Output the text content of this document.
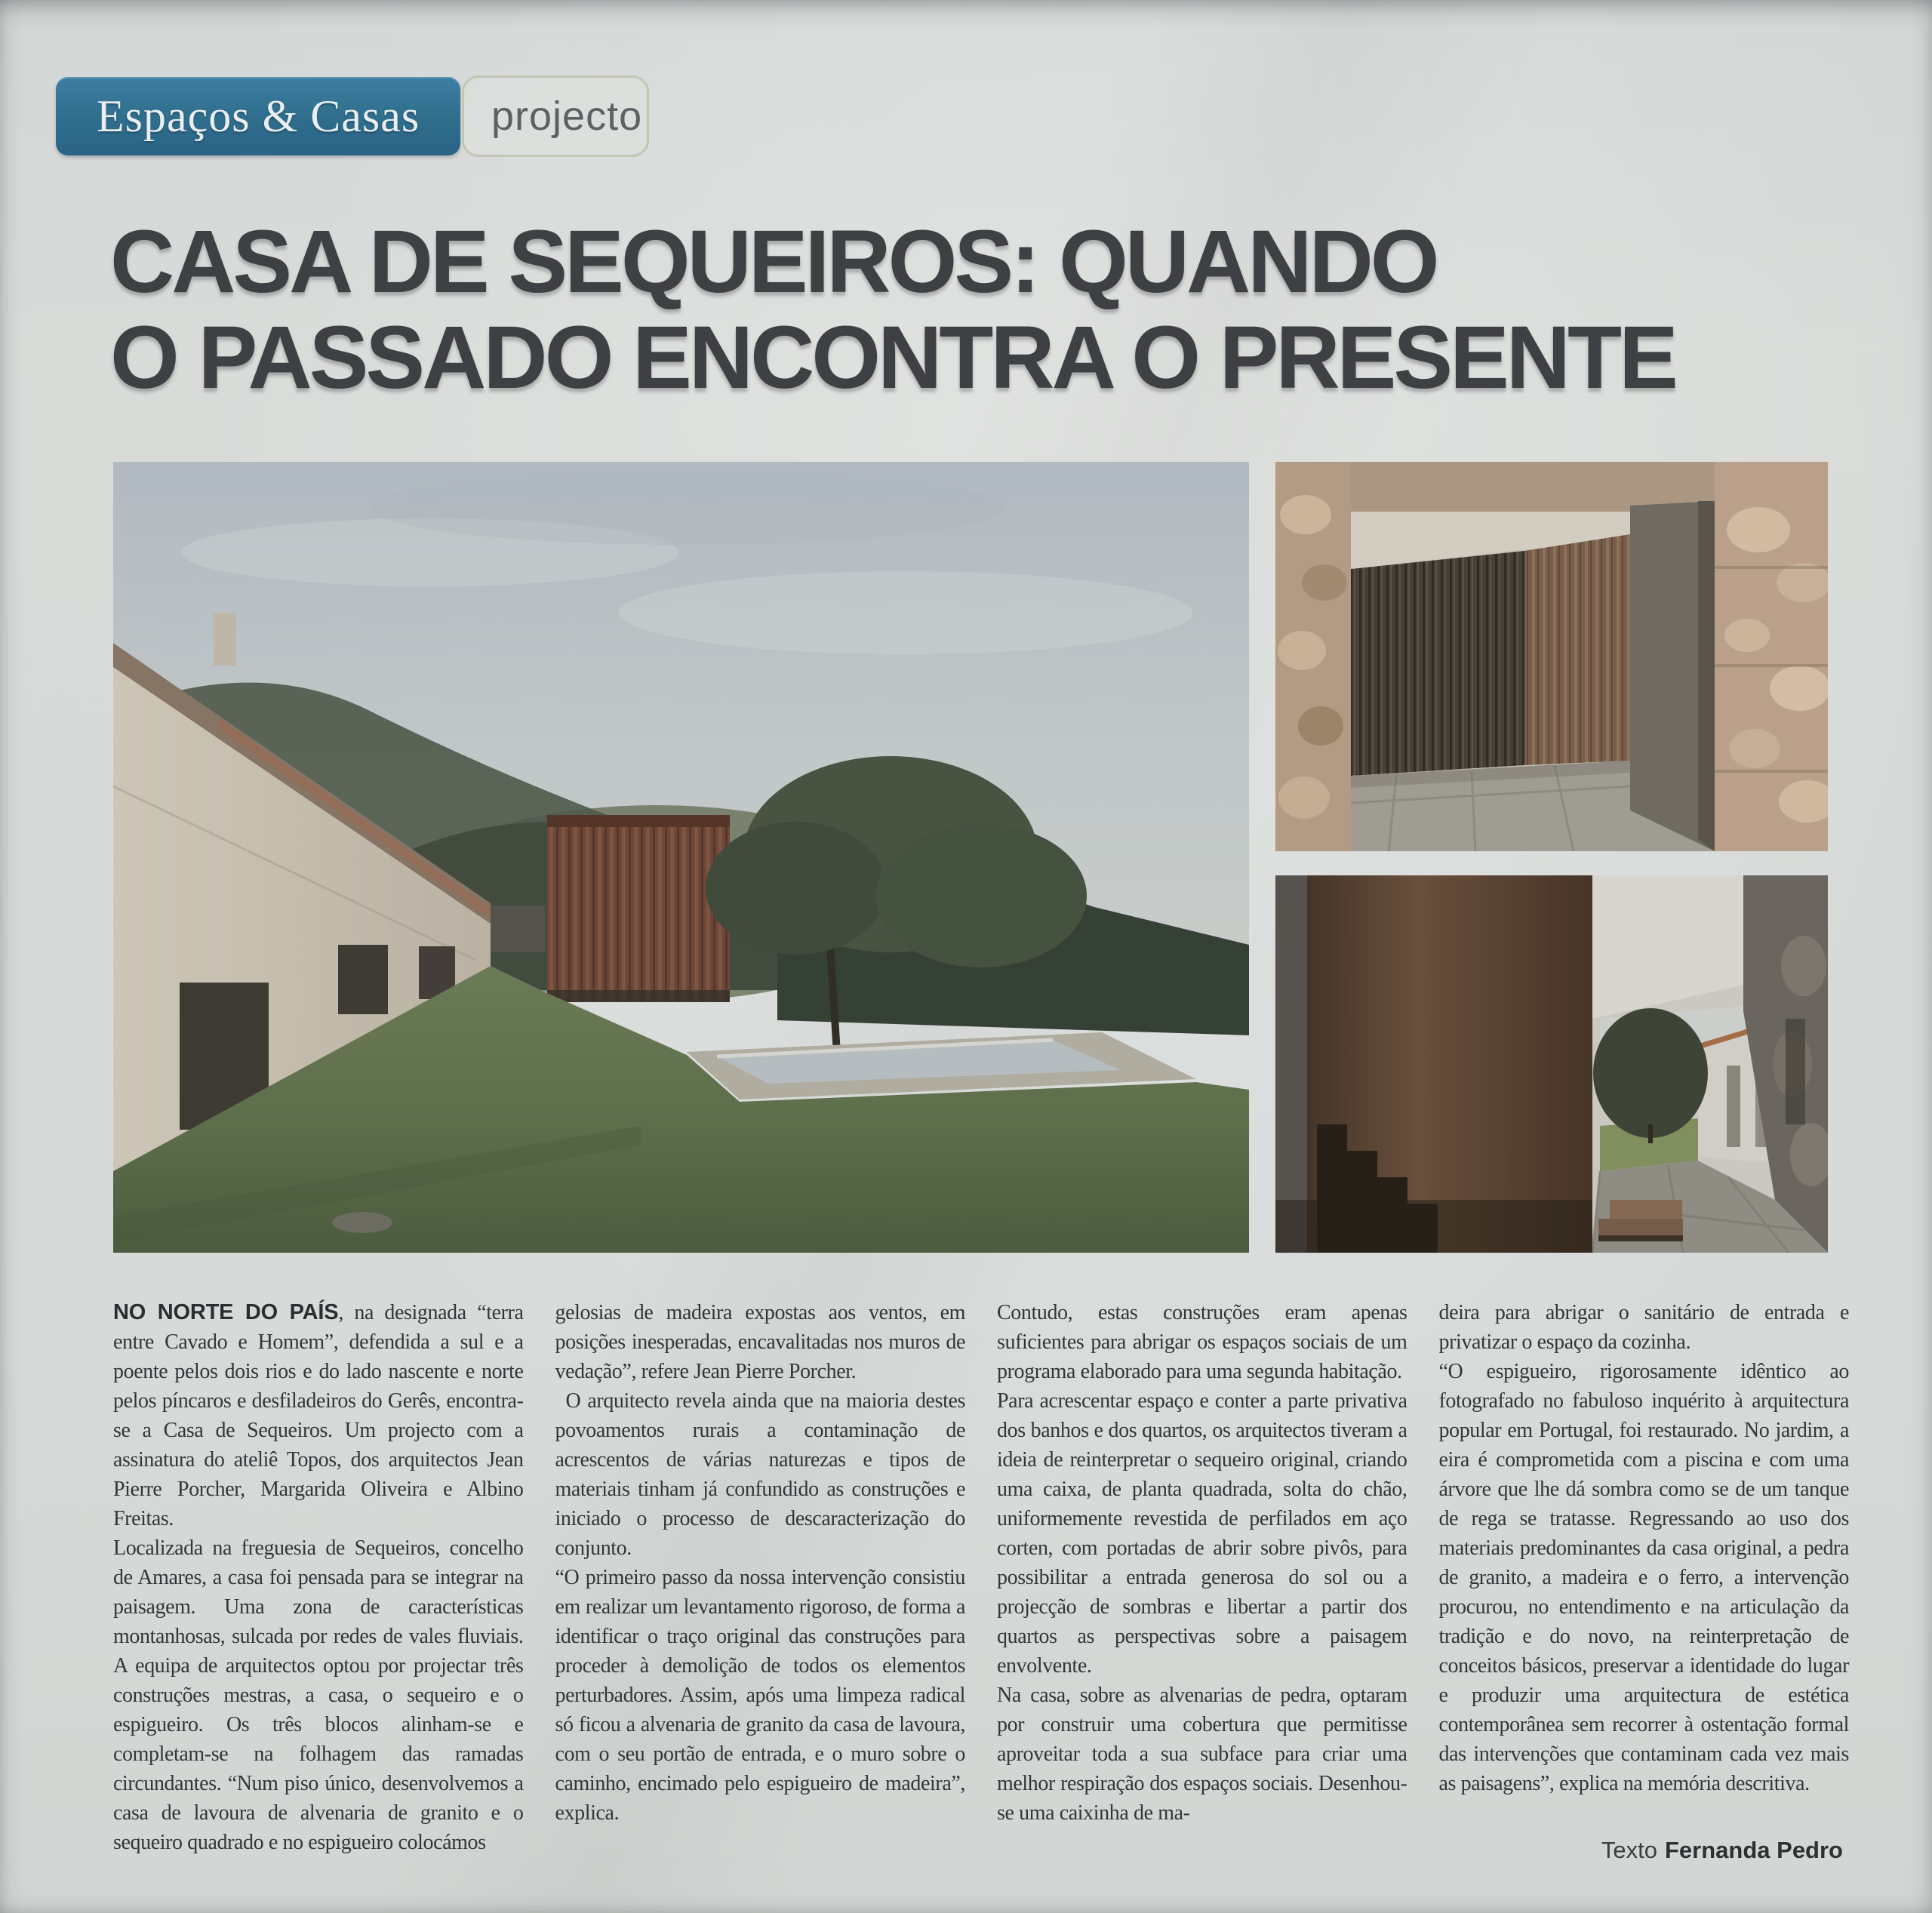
Espaços & Casas projecto
CASA DE SEQUEIROS: QUANDO
O PASSADO ENCONTRA O PRESENTE

NO NORTE DO PAÍS, na designada “terra entre Cavado e Homem”, defendida a sul e a poente pelos dois rios e do lado nascente e norte pelos píncaros e desfiladeiros do Gerês, encontra-se a Casa de Sequeiros. Um projecto com a assinatura do ateliê Topos, dos arquitectos Jean Pierre Porcher, Margarida Oliveira e Albino Freitas.

Localizada na freguesia de Sequeiros, concelho de Amares, a casa foi pensada para se integrar na paisagem. Uma zona de características montanhosas, sulcada por redes de vales fluviais. A equipa de arquitectos optou por projectar três construções mestras, a casa, o sequeiro e o espigueiro. Os três blocos alinham-se e completam-se na folhagem das ramadas circundantes. “Num piso único, desenvolvemos a casa de lavoura de alvenaria de granito e o sequeiro quadrado e no espigueiro colocámos

gelosias de madeira expostas aos ventos, em posições inesperadas, encavalitadas nos muros de vedação”, refere Jean Pierre Porcher.

O arquitecto revela ainda que na maioria destes povoamentos rurais a contaminação de acrescentos de várias naturezas e tipos de materiais tinham já confundido as construções e iniciado o processo de descaracterização do conjunto.

“O primeiro passo da nossa intervenção consistiu em realizar um levantamento rigoroso, de forma a identificar o traço original das construções para proceder à demolição de todos os elementos perturbadores. Assim, após uma limpeza radical só ficou a alvenaria de granito da casa de lavoura, com o seu portão de entrada, e o muro sobre o caminho, encimado pelo espigueiro de madeira”, explica.

Contudo, estas construções eram apenas suficientes para abrigar os espaços sociais de um programa elaborado para uma segunda habitação.

Para acrescentar espaço e conter a parte privativa dos banhos e dos quartos, os arquitectos tiveram a ideia de reinterpretar o sequeiro original, criando uma caixa, de planta quadrada, solta do chão, uniformemente revestida de perfilados em aço corten, com portadas de abrir sobre pivôs, para possibilitar a entrada generosa do sol ou a projecção de sombras e libertar a partir dos quartos as perspectivas sobre a paisagem envolvente.

Na casa, sobre as alvenarias de pedra, optaram por construir uma cobertura que permitisse aproveitar toda a sua subface para criar uma melhor respiração dos espaços sociais. Desenhou-se uma caixinha de ma-

deira para abrigar o sanitário de entrada e privatizar o espaço da cozinha.

“O espigueiro, rigorosamente idêntico ao fotografado no fabuloso inquérito à arquitectura popular em Portugal, foi restaurado. No jardim, a eira é comprometida com a piscina e com uma árvore que lhe dá sombra como se de um tanque de rega se tratasse. Regressando ao uso dos materiais predominantes da casa original, a pedra de granito, a madeira e o ferro, a intervenção procurou, no entendimento e na articulação da tradição e do novo, na reinterpretação de conceitos básicos, preservar a identidade do lugar e produzir uma arquitectura de estética contemporânea sem recorrer à ostentação formal das intervenções que contaminam cada vez mais as paisagens”, explica na memória descritiva.

Texto Fernanda Pedro
